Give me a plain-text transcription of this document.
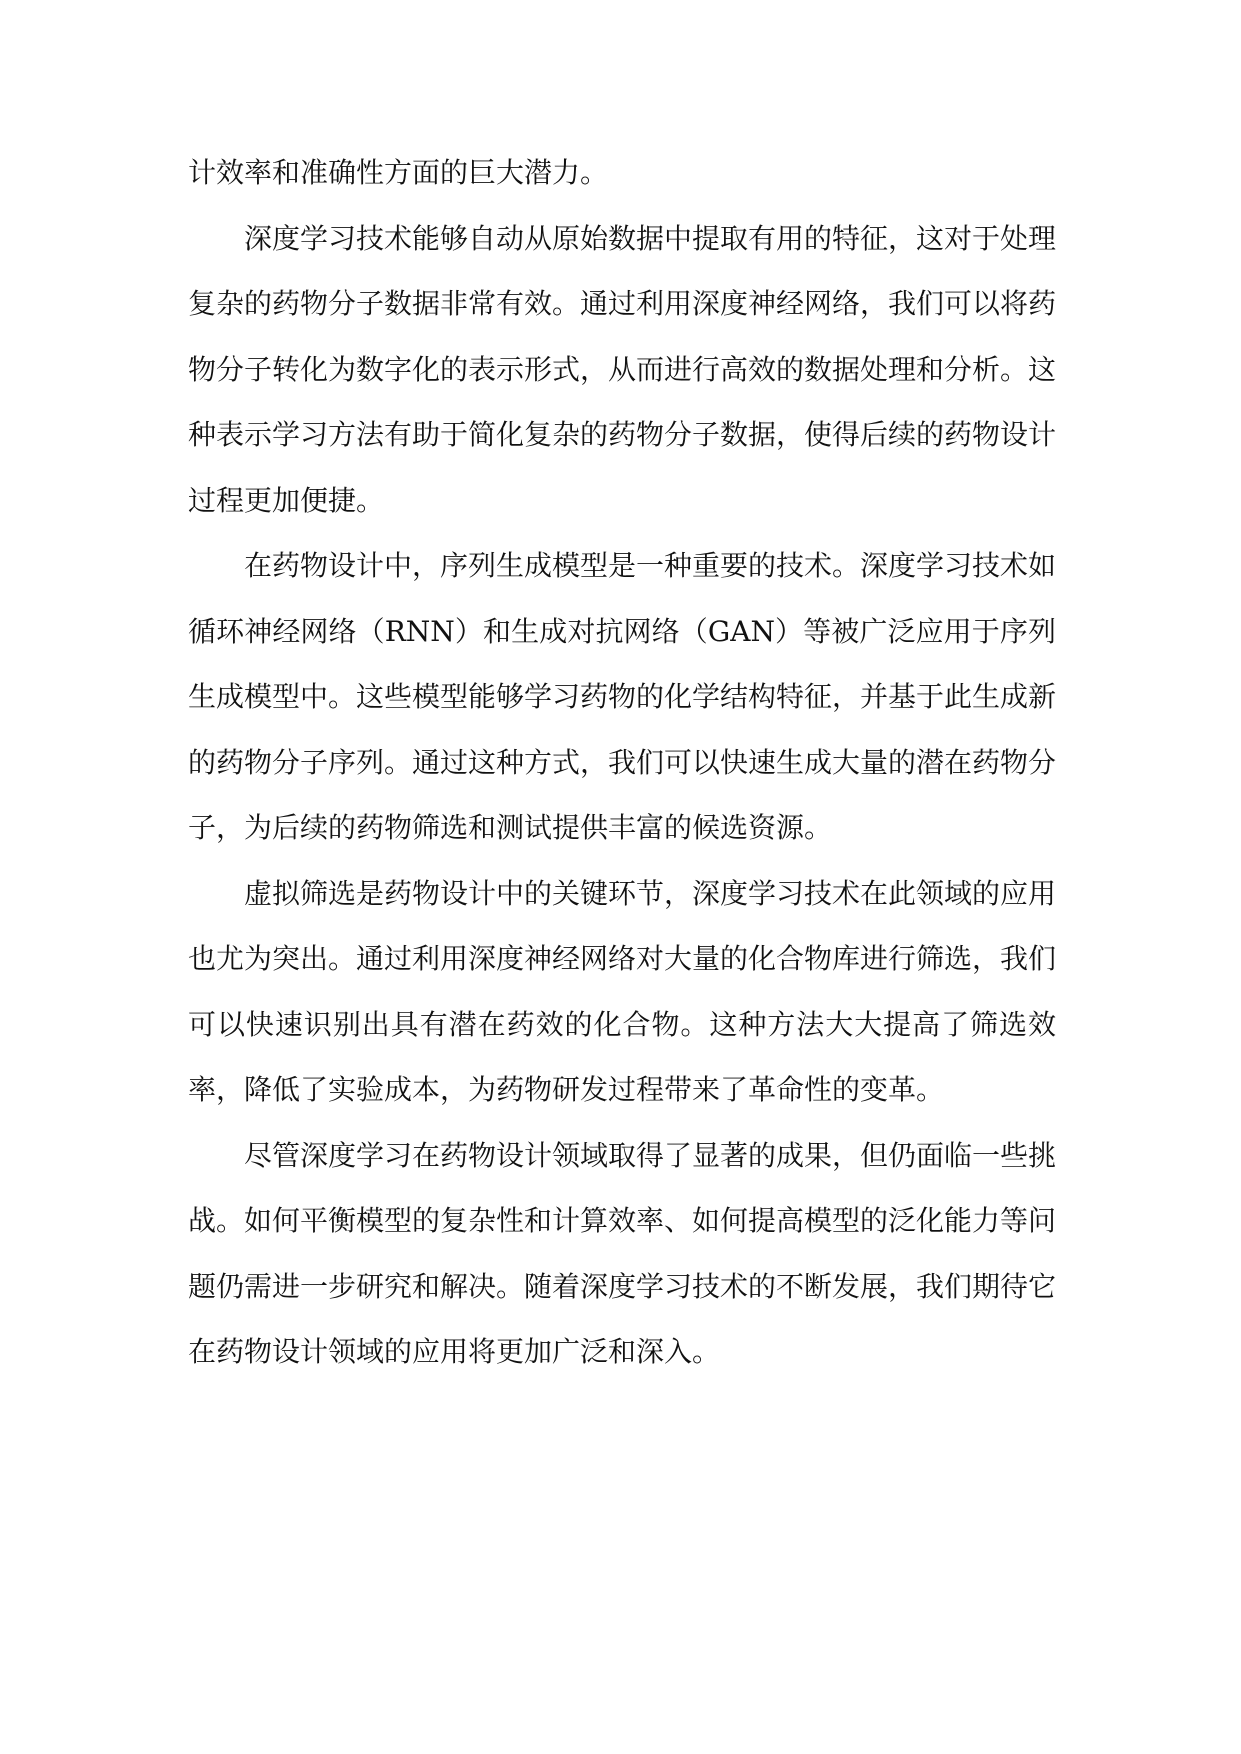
计效率和准确性方面的巨大潜力。

深度学习技术能够自动从原始数据中提取有用的特征，这对于处理复杂的药物分子数据非常有效。通过利用深度神经网络，我们可以将药物分子转化为数字化的表示形式，从而进行高效的数据处理和分析。这种表示学习方法有助于简化复杂的药物分子数据，使得后续的药物设计过程更加便捷。

在药物设计中，序列生成模型是一种重要的技术。深度学习技术如循环神经网络（RNN）和生成对抗网络（GAN）等被广泛应用于序列生成模型中。这些模型能够学习药物的化学结构特征，并基于此生成新的药物分子序列。通过这种方式，我们可以快速生成大量的潜在药物分子，为后续的药物筛选和测试提供丰富的候选资源。

虚拟筛选是药物设计中的关键环节，深度学习技术在此领域的应用也尤为突出。通过利用深度神经网络对大量的化合物库进行筛选，我们可以快速识别出具有潜在药效的化合物。这种方法大大提高了筛选效率，降低了实验成本，为药物研发过程带来了革命性的变革。

尽管深度学习在药物设计领域取得了显著的成果，但仍面临一些挑战。如何平衡模型的复杂性和计算效率、如何提高模型的泛化能力等问题仍需进一步研究和解决。随着深度学习技术的不断发展，我们期待它在药物设计领域的应用将更加广泛和深入。
